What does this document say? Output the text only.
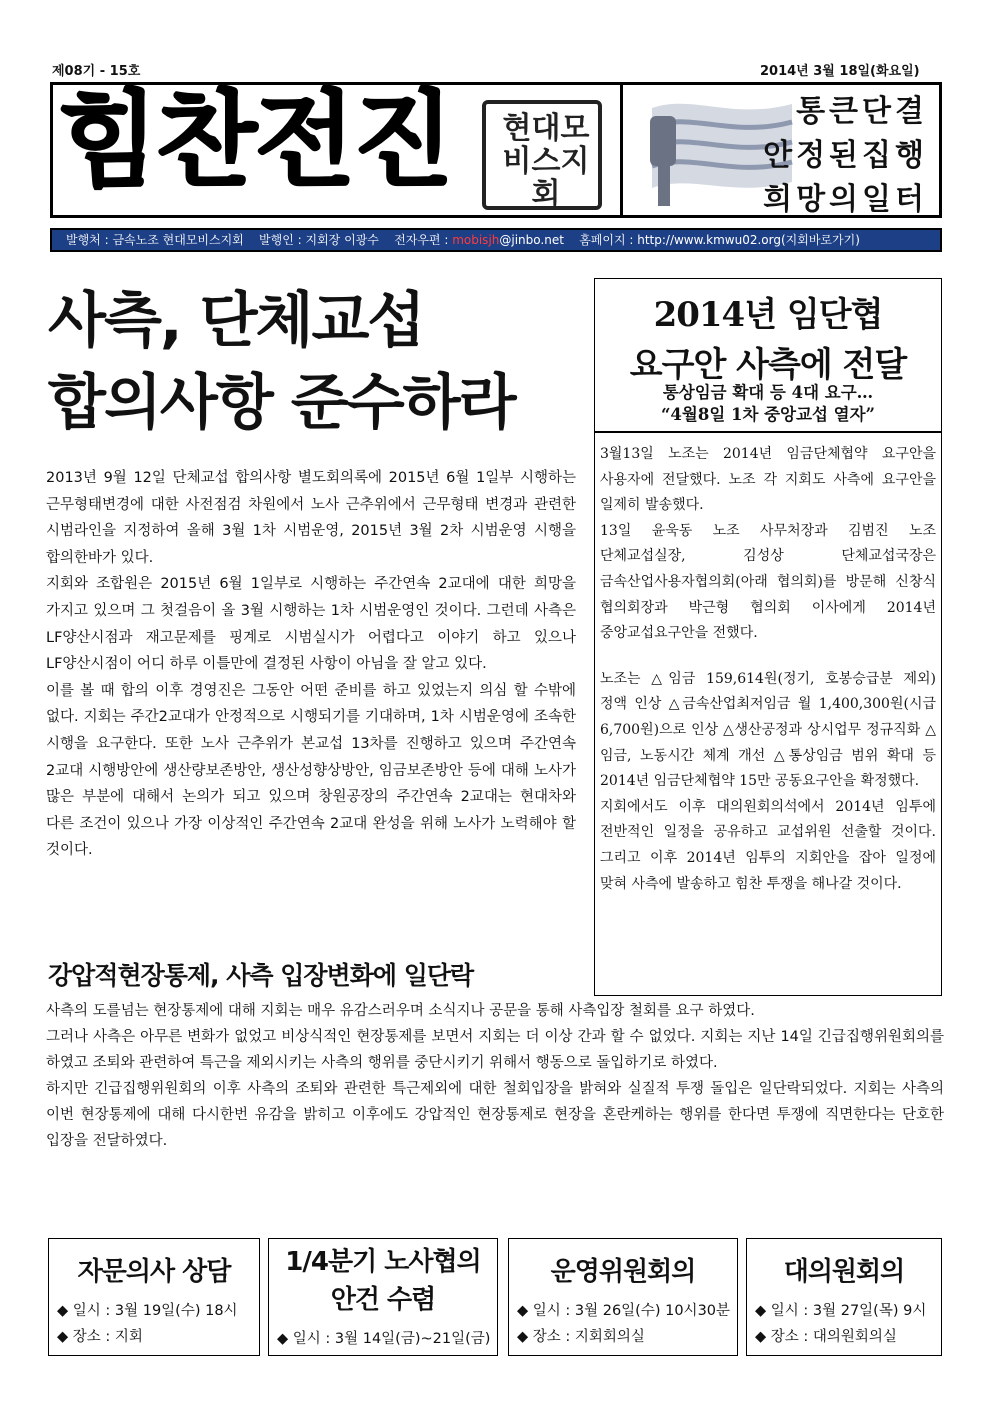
제08기 - 15호	2014년 3월 18일(화요일)
힘찬전진 현대모비스지회
통큰단결
안정된집행
희망의일터
발행처 : 금속노조 현대모비스지회 발행인 : 지회장 이광수 전자우편 : mobisjh@jinbo.net 홈페이지 : http://www.kmwu02.org(지회바로가기)
사측, 단체교섭
합의사항 준수하라
2013년 9월 12일 단체교섭 합의사항 별도회의록에 2015년 6월 1일부 시행하는 근무형태변경에 대한 사전점검 차원에서 노사 근추위에서 근무형태 변경과 관련한 시범라인을 지정하여 올해 3월 1차 시범운영, 2015년 3월 2차 시범운영 시행을 합의한바가 있다.
지회와 조합원은 2015년 6월 1일부로 시행하는 주간연속 2교대에 대한 희망을 가지고 있으며 그 첫걸음이 올 3월 시행하는 1차 시범운영인 것이다. 그런데 사측은 LF양산시점과 재고문제를 핑계로 시범실시가 어렵다고 이야기 하고 있으나 LF양산시점이 어디 하루 이틀만에 결정된 사항이 아님을 잘 알고 있다.
이를 볼 때 합의 이후 경영진은 그동안 어떤 준비를 하고 있었는지 의심 할 수밖에 없다. 지회는 주간2교대가 안정적으로 시행되기를 기대하며, 1차 시범운영에 조속한 시행을 요구한다. 또한 노사 근추위가 본교섭 13차를 진행하고 있으며 주간연속 2교대 시행방안에 생산량보존방안, 생산성향상방안, 임금보존방안 등에 대해 노사가 많은 부분에 대해서 논의가 되고 있으며 창원공장의 주간연속 2교대는 현대차와 다른 조건이 있으나 가장 이상적인 주간연속 2교대 완성을 위해 노사가 노력해야 할 것이다.
2014년 임단협
요구안 사측에 전달
통상임금 확대 등 4대 요구…
“4월8일 1차 중앙교섭 열자”
3월13일 노조는 2014년 임금단체협약 요구안을 사용자에 전달했다. 노조 각 지회도 사측에 요구안을 일제히 발송했다.
13일 윤욱동 노조 사무처장과 김범진 노조 단체교섭실장, 김성상 단체교섭국장은 금속산업사용자협의회(아래 협의회)를 방문해 신창식 협의회장과 박근형 협의회 이사에게 2014년 중앙교섭요구안을 전했다.
노조는 △임금 159,614원(정기, 호봉승급분 제외) 정액 인상 △금속산업최저임금 월 1,400,300원(시급 6,700원)으로 인상 △생산공정과 상시업무 정규직화 △임금, 노동시간 체계 개선 △통상임금 범위 확대 등 2014년 임금단체협약 15만 공동요구안을 확정했다.
지회에서도 이후 대의원회의석에서 2014년 임투에 전반적인 일정을 공유하고 교섭위원 선출할 것이다. 그리고 이후 2014년 임투의 지회안을 잡아 일정에 맞혀 사측에 발송하고 힘찬 투쟁을 해나갈 것이다.
강압적현장통제, 사측 입장변화에 일단락
사측의 도를넘는 현장통제에 대해 지회는 매우 유감스러우며 소식지나 공문을 통해 사측입장 철회를 요구 하였다.
그러나 사측은 아무른 변화가 없었고 비상식적인 현장통제를 보면서 지회는 더 이상 간과 할 수 없었다. 지회는 지난 14일 긴급집행위원회의를 하였고 조퇴와 관련하여 특근을 제외시키는 사측의 행위를 중단시키기 위해서 행동으로 돌입하기로 하였다.
하지만 긴급집행위원회의 이후 사측의 조퇴와 관련한 특근제외에 대한 철회입장을 밝혀와 실질적 투쟁 돌입은 일단락되었다. 지회는 사측의 이번 현장통제에 대해 다시한번 유감을 밝히고 이후에도 강압적인 현장통제로 현장을 혼란케하는 행위를 한다면 투쟁에 직면한다는 단호한 입장을 전달하였다.
자문의사 상담
◆ 일시 : 3월 19일(수) 18시
◆ 장소 : 지회
1/4분기 노사협의
안건 수렴
◆ 일시 : 3월 14일(금)~21일(금)
운영위원회의
◆ 일시 : 3월 26일(수) 10시30분
◆ 장소 : 지회회의실
대의원회의
◆ 일시 : 3월 27일(목) 9시
◆ 장소 : 대의원회의실
